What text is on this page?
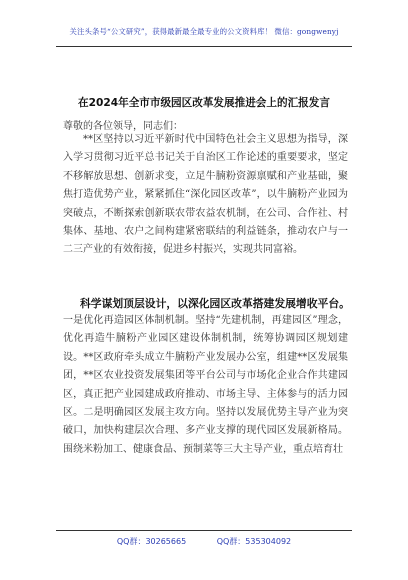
关注头条号“公文研究”，获得最新最全最专业的公文资料库！ 微信：gongwenyj
在2024年全市市级园区改革发展推进会上的汇报发言
尊敬的各位领导，同志们：

**区坚持以习近平新时代中国特色社会主义思想为指导，深入学习贯彻习近平总书记关于自治区工作论述的重要要求，坚定不移解放思想、创新求变，立足牛腩粉资源禀赋和产业基础，聚焦打造优势产业，紧紧抓住“深化园区改革”，以牛腩粉产业园为突破点，不断探索创新联农带农益农机制，在公司、合作社、村集体、基地、农户之间构建紧密联结的利益链条，推动农户与一二三产业的有效衔接，促进乡村振兴，实现共同富裕。

科学谋划顶层设计，以深化园区改革搭建发展增收平台。

一是优化再造园区体制机制。坚持“先建机制，再建园区”理念，优化再造牛腩粉产业园区建设体制机制，统筹协调园区规划建设。**区政府牵头成立牛腩粉产业发展办公室，组建**区发展集团，**区农业投资发展集团等平台公司与市场化企业合作共建园区，真正把产业园建成政府推动、市场主导、主体参与的活力园区。二是明确园区发展主攻方向。坚持以发展优势主导产业为突破口，加快构建层次合理、多产业支撑的现代园区发展新格局。围绕米粉加工、健康食品、预制菜等三大主导产业，重点培育壮

QQ群：30265665	QQ群：535304092
